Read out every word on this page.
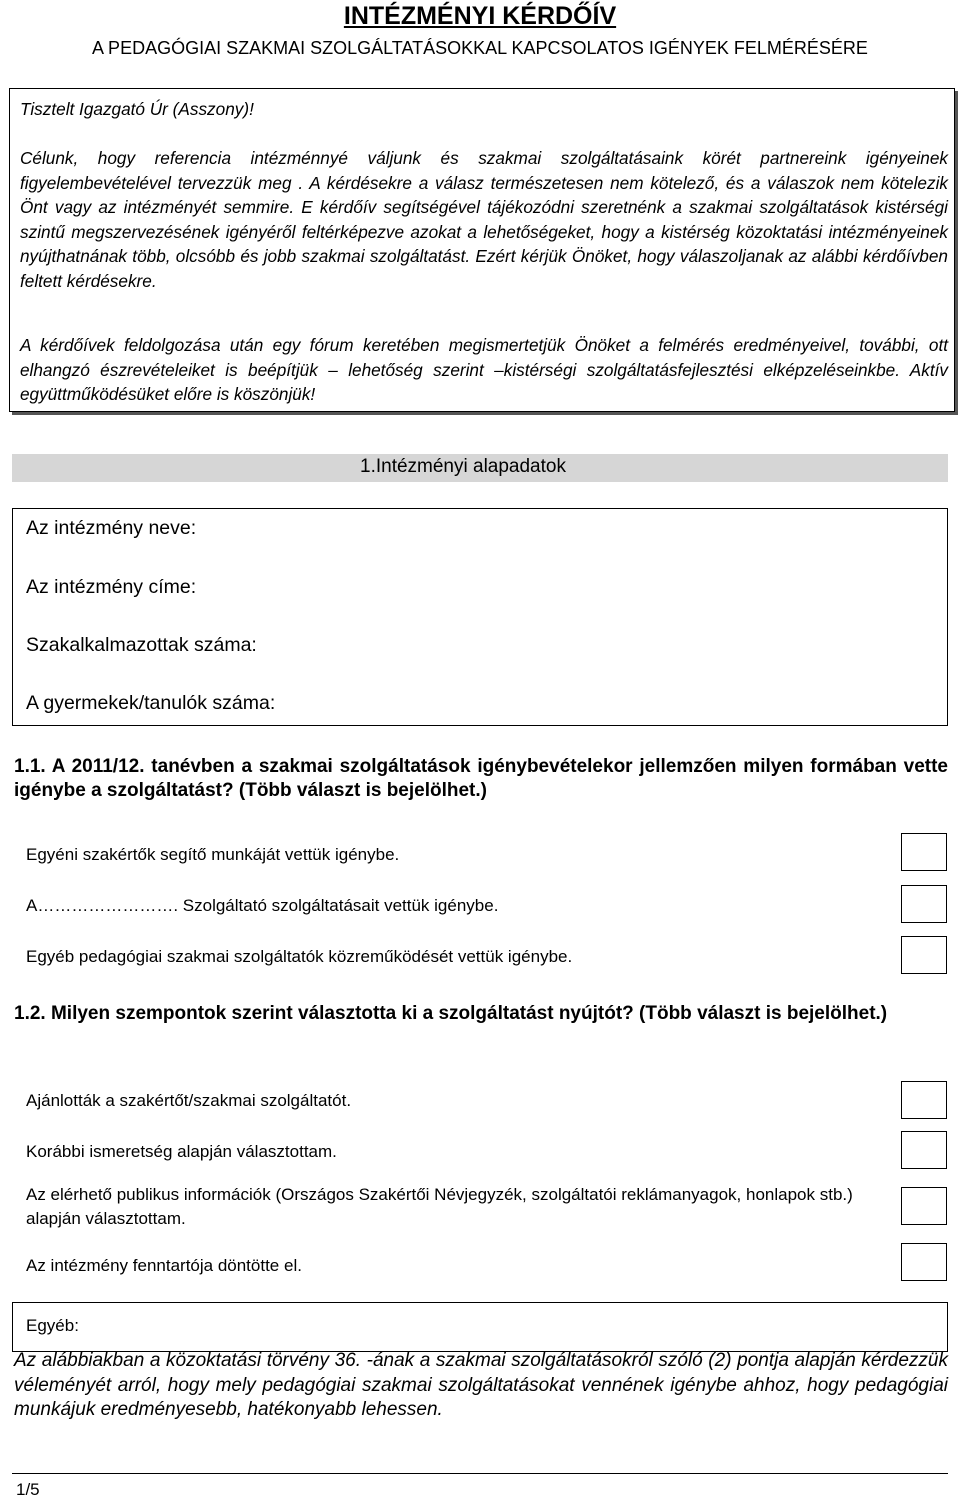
INTÉZMÉNYI KÉRDŐÍV
A PEDAGÓGIAI SZAKMAI SZOLGÁLTATÁSOKKAL KAPCSOLATOS IGÉNYEK FELMÉRÉSÉRE
Tisztelt Igazgató Úr (Asszony)!
Célunk, hogy referencia intézménnyé váljunk és szakmai szolgáltatásaink körét partnereink igényeinek figyelembevételével tervezzük meg . A kérdésekre a válasz természetesen nem kötelező, és a válaszok nem kötelezik Önt vagy az intézményét semmire. E kérdőív segítségével tájékozódni szeretnénk a szakmai szolgáltatások kistérségi szintű megszervezésének igényéről feltérképezve azokat a lehetőségeket, hogy a kistérség közoktatási intézményeinek nyújthatnának több, olcsóbb és jobb szakmai szolgáltatást. Ezért kérjük Önöket, hogy válaszoljanak az alábbi kérdőívben feltett kérdésekre.
A kérdőívek feldolgozása után egy fórum keretében megismertetjük Önöket a felmérés eredményeivel, további, ott elhangzó észrevételeiket is beépítjük – lehetőség szerint –kistérségi szolgáltatásfejlesztési elképzeléseinkbe. Aktív együttműködésüket előre is köszönjük!
1.Intézményi alapadatok
Az intézmény neve:
Az intézmény címe:
Szakalkalmazottak száma:
A gyermekek/tanulók száma:
1.1. A 2011/12. tanévben a szakmai szolgáltatások igénybevételekor jellemzően milyen formában vette igénybe a szolgáltatást? (Több választ is bejelölhet.)
Egyéni szakértők segítő munkáját vettük igénybe.
A……………………. Szolgáltató szolgáltatásait vettük igénybe.
Egyéb pedagógiai szakmai szolgáltatók közreműködését vettük igénybe.
1.2. Milyen szempontok szerint választotta ki a szolgáltatást nyújtót? (Több választ is bejelölhet.)
Ajánlották a szakértőt/szakmai szolgáltatót.
Korábbi ismeretség alapján választottam.
Az elérhető publikus információk (Országos Szakértői Névjegyzék, szolgáltatói reklámanyagok, honlapok stb.) alapján választottam.
Az intézmény fenntartója döntötte el.
Egyéb:
Az alábbiakban a közoktatási törvény 36. -ának a szakmai szolgáltatásokról szóló (2) pontja alapján kérdezzük véleményét arról, hogy mely pedagógiai szakmai szolgáltatásokat vennének igénybe ahhoz, hogy pedagógiai munkájuk eredményesebb, hatékonyabb lehessen.
1/5
